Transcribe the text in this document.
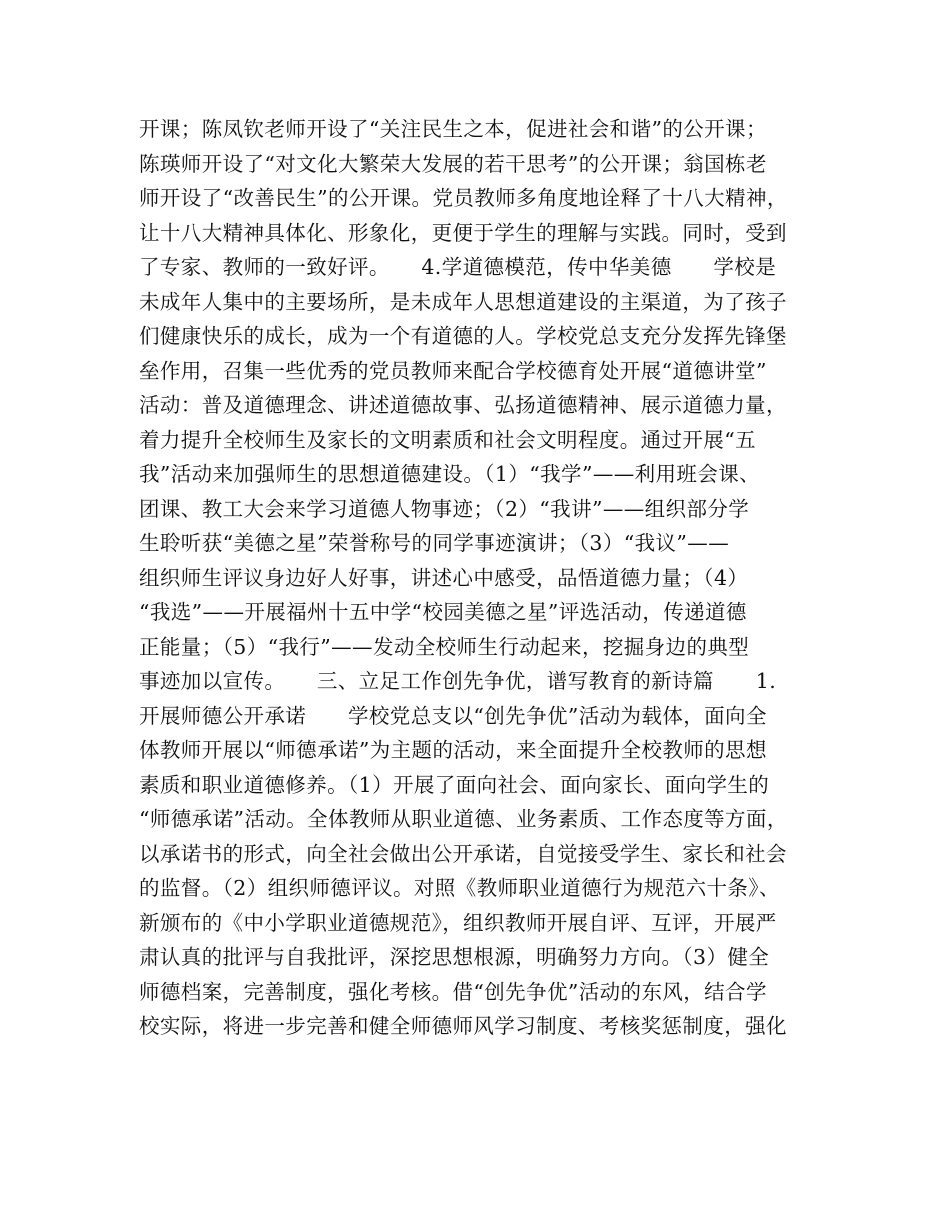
开课；陈凤钦老师开设了“关注民生之本，促进社会和谐”的公开课；
陈瑛师开设了“对文化大繁荣大发展的若干思考”的公开课；翁国栋老
师开设了“改善民生”的公开课。党员教师多角度地诠释了十八大精神，
让十八大精神具体化、形象化，更便于学生的理解与实践。同时，受到
了专家、教师的一致好评。　　4.学道德模范，传中华美德　　学校是
未成年人集中的主要场所，是未成年人思想道建设的主渠道，为了孩子
们健康快乐的成长，成为一个有道德的人。学校党总支充分发挥先锋堡
垒作用，召集一些优秀的党员教师来配合学校德育处开展“道德讲堂”
活动：普及道德理念、讲述道德故事、弘扬道德精神、展示道德力量，
着力提升全校师生及家长的文明素质和社会文明程度。通过开展“五
我”活动来加强师生的思想道德建设。（1）“我学”——利用班会课、
团课、教工大会来学习道德人物事迹；（2）“我讲”——组织部分学
生聆听获“美德之星”荣誉称号的同学事迹演讲；（3）“我议”——
组织师生评议身边好人好事，讲述心中感受，品悟道德力量；（4）
“我选”——开展福州十五中学“校园美德之星”评选活动，传递道德
正能量；（5）“我行”——发动全校师生行动起来，挖掘身边的典型
事迹加以宣传。　　三、立足工作创先争优，谱写教育的新诗篇　　1.
开展师德公开承诺　　学校党总支以“创先争优”活动为载体，面向全
体教师开展以“师德承诺”为主题的活动，来全面提升全校教师的思想
素质和职业道德修养。（1）开展了面向社会、面向家长、面向学生的
“师德承诺”活动。全体教师从职业道德、业务素质、工作态度等方面，
以承诺书的形式，向全社会做出公开承诺，自觉接受学生、家长和社会
的监督。（2）组织师德评议。对照《教师职业道德行为规范六十条》、
新颁布的《中小学职业道德规范》，组织教师开展自评、互评，开展严
肃认真的批评与自我批评，深挖思想根源，明确努力方向。（3）健全
师德档案，完善制度，强化考核。借“创先争优”活动的东风，结合学
校实际，将进一步完善和健全师德师风学习制度、考核奖惩制度，强化
